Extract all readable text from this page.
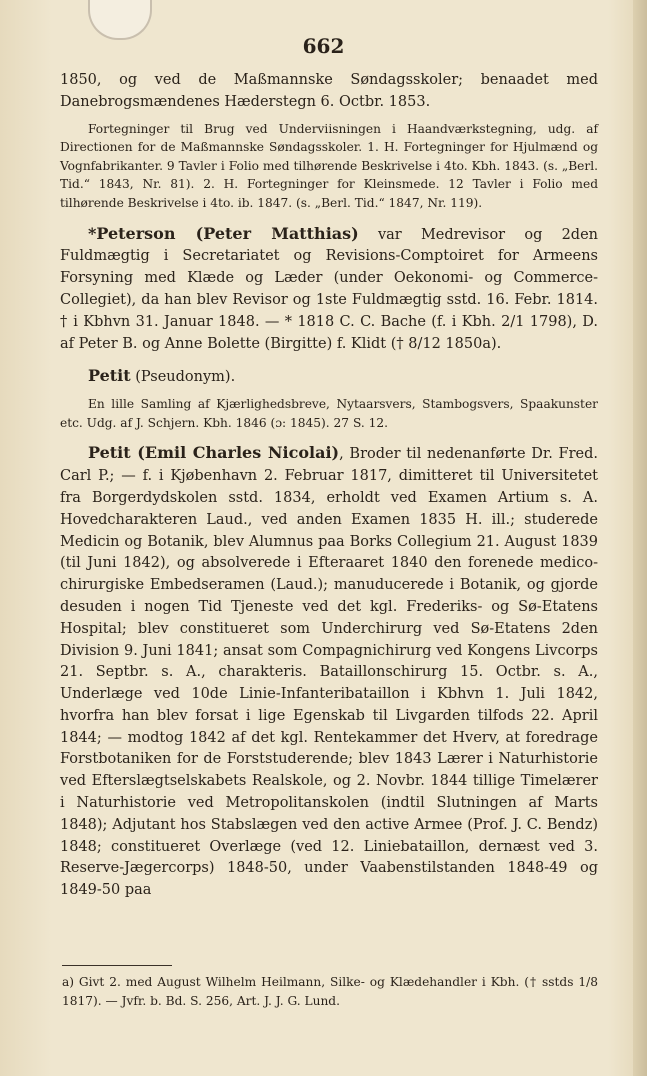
662

1850, og ved de Maßmannske Søndagsskoler; benaadet med Danebrogsmændenes Hæderstegn 6. Octbr. 1853.

Fortegninger til Brug ved Underviisningen i Haandværkstegning, udg. af Directionen for de Maßmannske Søndagsskoler. 1. H. Fortegninger for Hjulmænd og Vognfabrikanter. 9 Tavler i Folio med tilhørende Beskrivelse i 4to. Kbh. 1843. (s. „Berl. Tid.“ 1843, Nr. 81). 2. H. Fortegninger for Kleinsmede. 12 Tavler i Folio med tilhørende Beskrivelse i 4to. ib. 1847. (s. „Berl. Tid.“ 1847, Nr. 119).

*Peterson (Peter Matthias) var Medrevisor og 2den Fuldmægtig i Secretariatet og Revisions-Comptoiret for Armeens Forsyning med Klæde og Læder (under Oekonomi- og Commerce-Collegiet), da han blev Revisor og 1ste Fuldmægtig sstd. 16. Febr. 1814. † i Kbhvn 31. Januar 1848. — * 1818 C. C. Bache (f. i Kbh. 2/1 1798), D. af Peter B. og Anne Bolette (Birgitte) f. Klidt († 8/12 1850a).

Petit (Pseudonym).

En lille Samling af Kjærlighedsbreve, Nytaarsvers, Stambogsvers, Spaakunster etc. Udg. af J. Schjern. Kbh. 1846 (ɔ: 1845). 27 S. 12.

Petit (Emil Charles Nicolai), Broder til nedenanførte Dr. Fred. Carl P.; — f. i Kjøbenhavn 2. Februar 1817, dimitteret til Universitetet fra Borgerdydskolen sstd. 1834, erholdt ved Examen Artium s. A. Hovedcharakteren Laud., ved anden Examen 1835 H. ill.; studerede Medicin og Botanik, blev Alumnus paa Borks Collegium 21. August 1839 (til Juni 1842), og absolverede i Efteraaret 1840 den forenede medico-chirurgiske Embedseramen (Laud.); manuducerede i Botanik, og gjorde desuden i nogen Tid Tjeneste ved det kgl. Frederiks- og Sø-Etatens Hospital; blev constitueret som Underchirurg ved Sø-Etatens 2den Division 9. Juni 1841; ansat som Compagnichirurg ved Kongens Livcorps 21. Septbr. s. A., charakteris. Bataillonschirurg 15. Octbr. s. A., Underlæge ved 10de Linie-Infanteribataillon i Kbhvn 1. Juli 1842, hvorfra han blev forsat i lige Egenskab til Livgarden tilfods 22. April 1844; — modtog 1842 af det kgl. Rentekammer det Hverv, at foredrage Forstbotaniken for de Forststuderende; blev 1843 Lærer i Naturhistorie ved Efterslægtselskabets Realskole, og 2. Novbr. 1844 tillige Timelærer i Naturhistorie ved Metropolitanskolen (indtil Slutningen af Marts 1848); Adjutant hos Stabslægen ved den active Armee (Prof. J. C. Bendz) 1848; constitueret Overlæge (ved 12. Liniebataillon, dernæst ved 3. Reserve-Jægercorps) 1848-50, under Vaabenstilstanden 1848-49 og 1849-50 paa

a) Givt 2. med August Wilhelm Heilmann, Silke- og Klædehandler i Kbh. († sstds 1/8 1817). — Jvfr. b. Bd. S. 256, Art. J. J. G. Lund.
